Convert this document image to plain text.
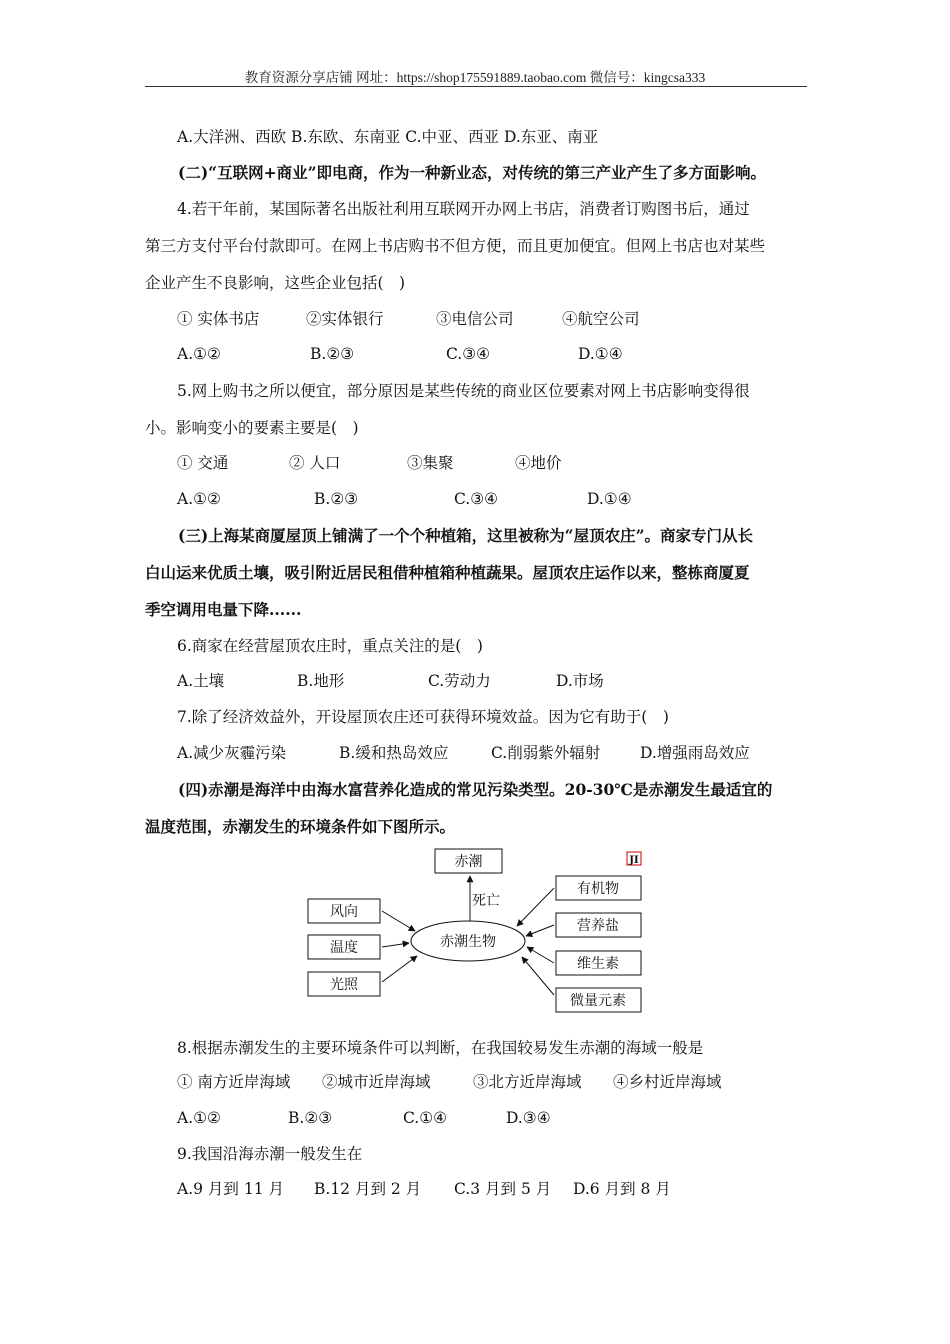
教育资源分享店铺 网址：https://shop175591889.taobao.com 微信号：kingcsa333
A.大洋洲、西欧 B.东欧、东南亚 C.中亚、西亚 D.东亚、南亚
(二)“互联网+商业”即电商，作为一种新业态，对传统的第三产业产生了多方面影响。
4.若干年前，某国际著名出版社利用互联网开办网上书店，消费者订购图书后，通过
第三方支付平台付款即可。在网上书店购书不但方便，而且更加便宜。但网上书店也对某些
企业产生不良影响，这些企业包括(　)
① 实体书店	②实体银行	③电信公司	④航空公司
A.①②	B.②③	C.③④	D.①④
5.网上购书之所以便宜，部分原因是某些传统的商业区位要素对网上书店影响变得很
小。影响变小的要素主要是(　)
① 交通	② 人口	③集聚	④地价
A.①②	B.②③	C.③④	D.①④
(三)上海某商厦屋顶上铺满了一个个种植箱，这里被称为“屋顶农庄”。商家专门从长
白山运来优质土壤，吸引附近居民租借种植箱种植蔬果。屋顶农庄运作以来，整栋商厦夏
季空调用电量下降......
6.商家在经营屋顶农庄时，重点关注的是(　)
A.土壤	B.地形	C.劳动力	D.市场
7.除了经济效益外，开设屋顶农庄还可获得环境效益。因为它有助于(　)
A.减少灰霾污染	B.缓和热岛效应	C.削弱紫外辐射	D.增强雨岛效应
(四)赤潮是海洋中由海水富营养化造成的常见污染类型。20-30℃是赤潮发生最适宜的
温度范围，赤潮发生的环境条件如下图所示。
赤潮
赤潮生物
死亡
风向
温度
光照
有机物
营养盐
维生素
微量元素
JI
8.根据赤潮发生的主要环境条件可以判断，在我国较易发生赤潮的海域一般是
① 南方近岸海域 ②城市近岸海域	③北方近岸海域 ④乡村近岸海域
A.①②	B.②③	C.①④	D.③④
9.我国沿海赤潮一般发生在
A.9 月到 11 月 B.12 月到 2 月 C.3 月到 5 月 D.6 月到 8 月
